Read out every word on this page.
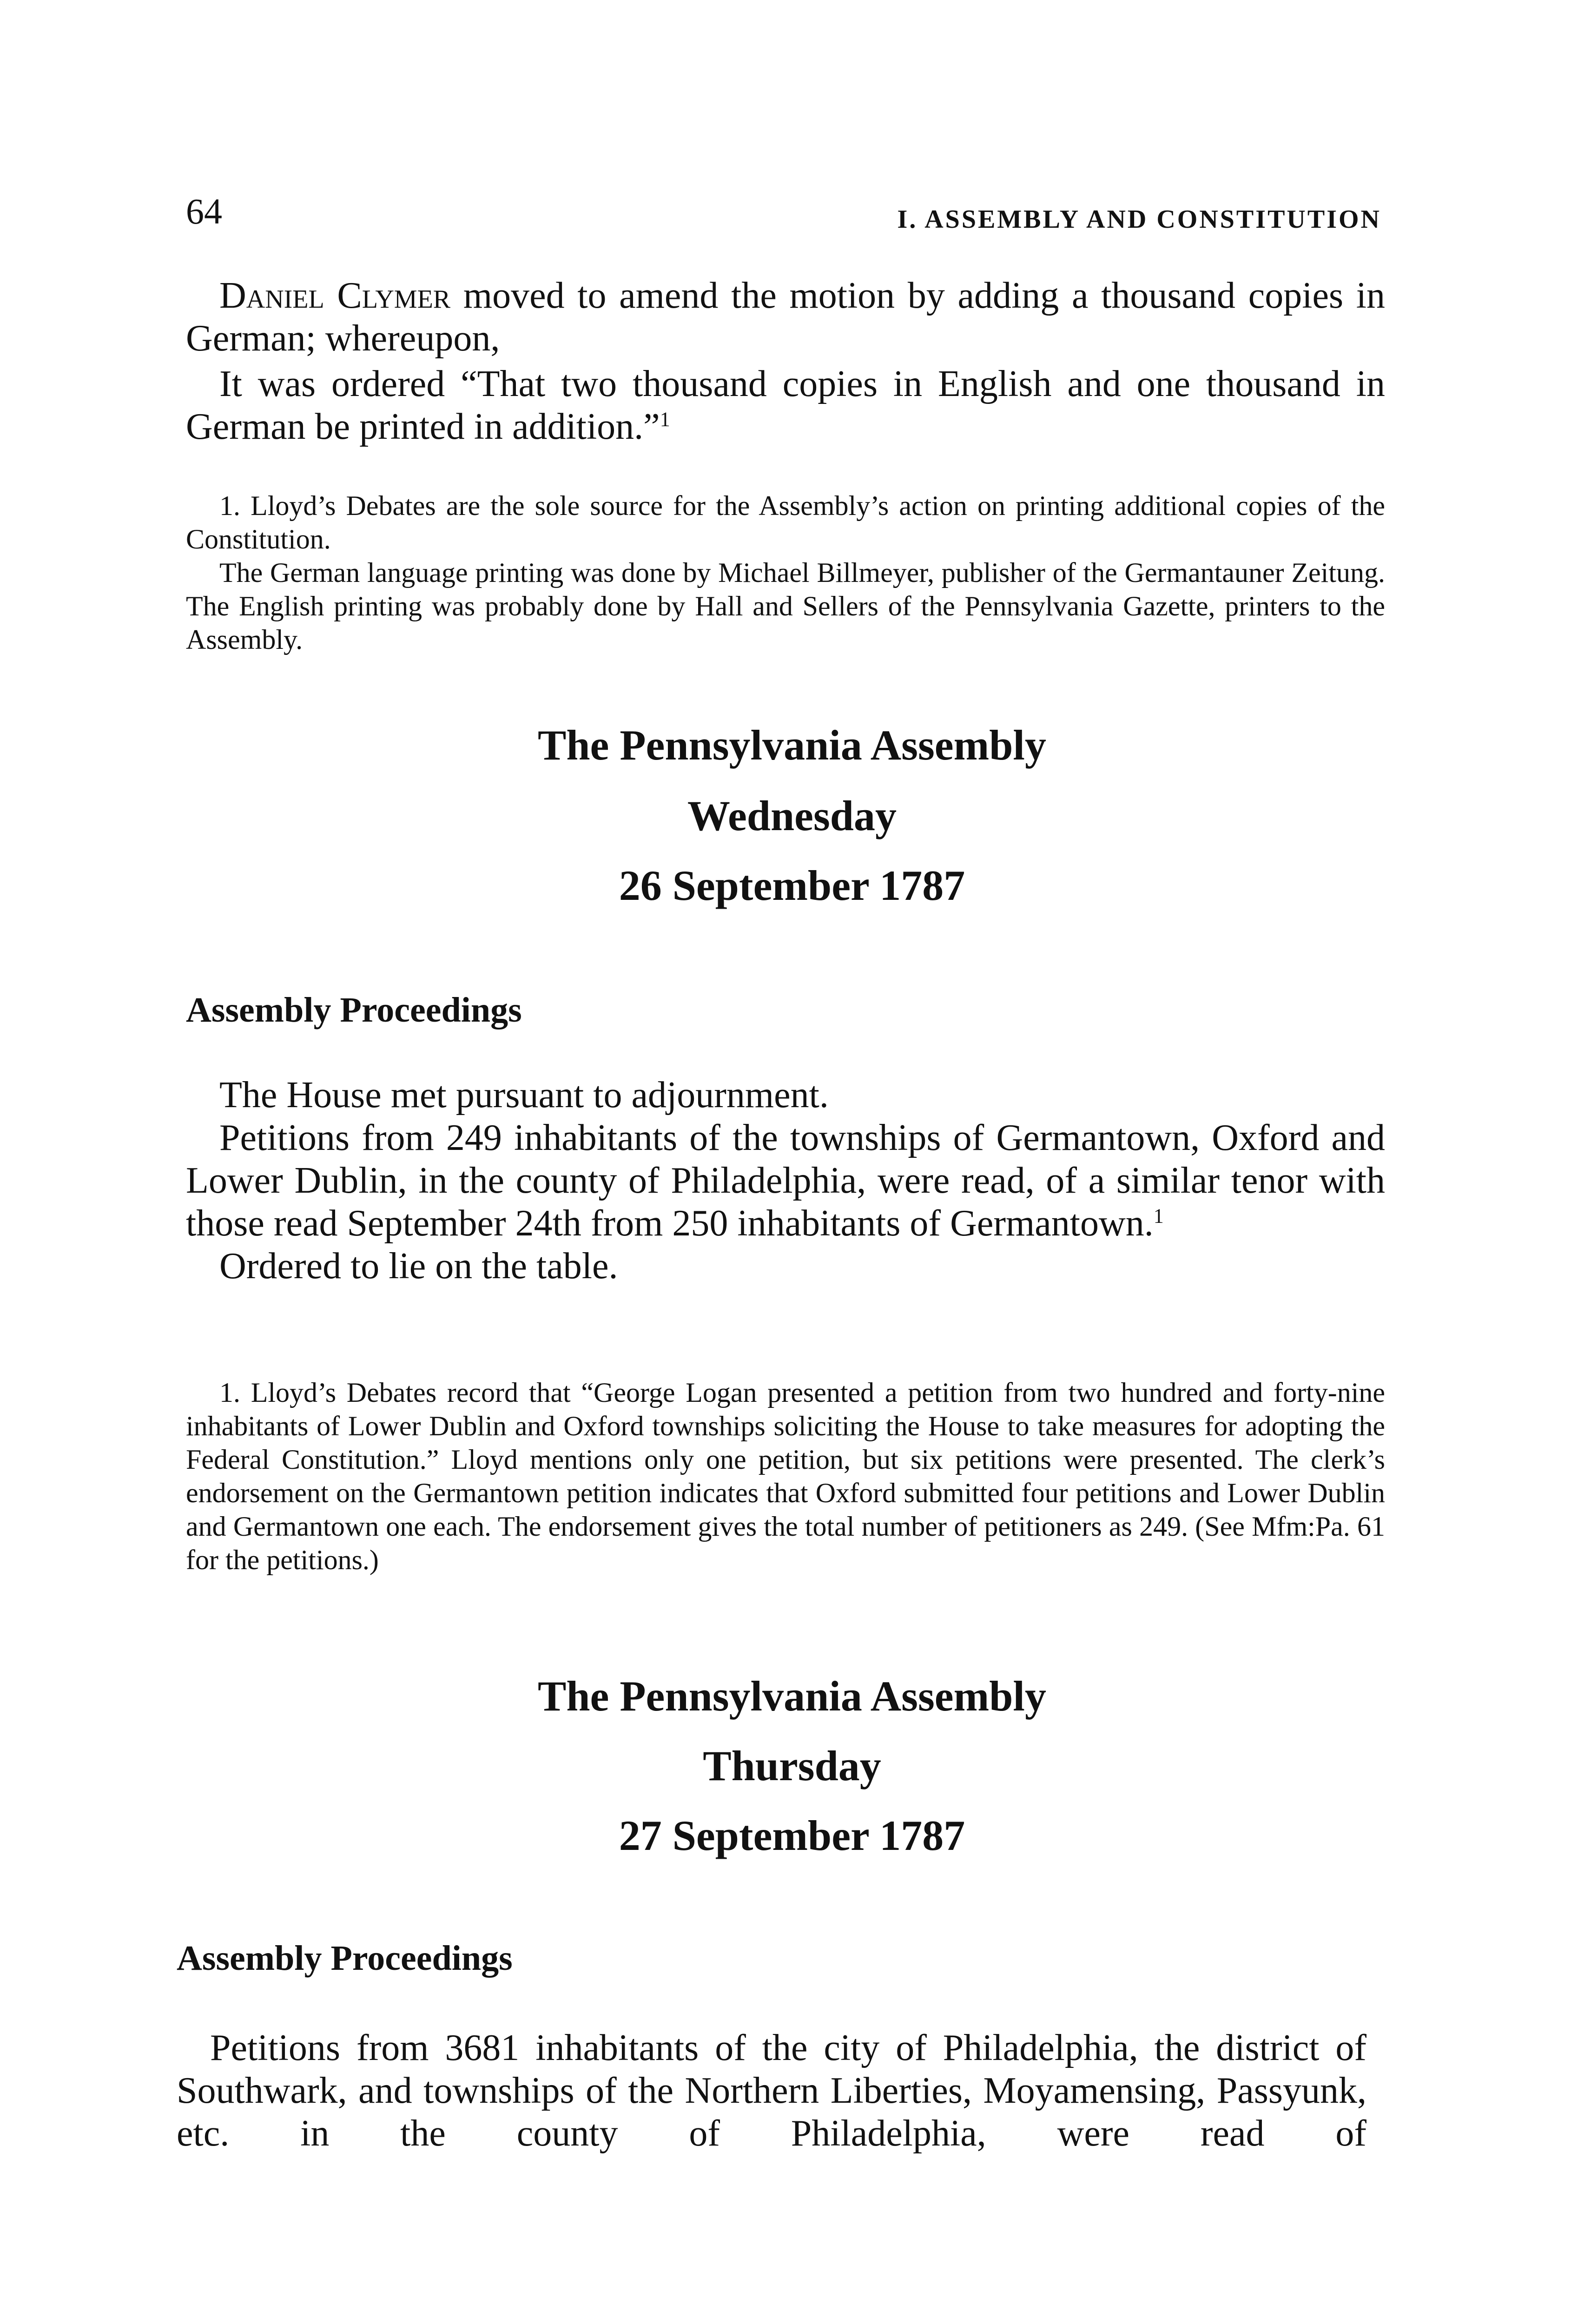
64	I. ASSEMBLY AND CONSTITUTION

Daniel Clymer moved to amend the motion by adding a thousand copies in German; whereupon,

It was ordered “That two thousand copies in English and one thousand in German be printed in addition.”$^1$

1. Lloyd’s Debates are the sole source for the Assembly’s action on printing additional copies of the Constitution.

The German language printing was done by Michael Billmeyer, publisher of the Germantauner Zeitung. The English printing was probably done by Hall and Sellers of the Pennsylvania Gazette, printers to the Assembly.

The Pennsylvania Assembly
Wednesday
26 September 1787
Assembly Proceedings

The House met pursuant to adjournment.

Petitions from 249 inhabitants of the townships of Germantown, Oxford and Lower Dublin, in the county of Philadelphia, were read, of a similar tenor with those read September 24th from 250 inhabitants of Germantown.$^1$

Ordered to lie on the table.

1. Lloyd’s Debates record that “George Logan presented a petition from two hundred and forty-nine inhabitants of Lower Dublin and Oxford townships soliciting the House to take measures for adopting the Federal Constitution.” Lloyd mentions only one petition, but six petitions were presented. The clerk’s endorsement on the Germantown petition indicates that Oxford submitted four petitions and Lower Dublin and Germantown one each. The endorsement gives the total number of petitioners as 249. (See Mfm:Pa. 61 for the petitions.)

The Pennsylvania Assembly
Thursday
27 September 1787
Assembly Proceedings

Petitions from 3681 inhabitants of the city of Philadelphia, the district of Southwark, and townships of the Northern Liberties, Moyamensing, Passyunk, etc. in the county of Philadelphia, were read of
